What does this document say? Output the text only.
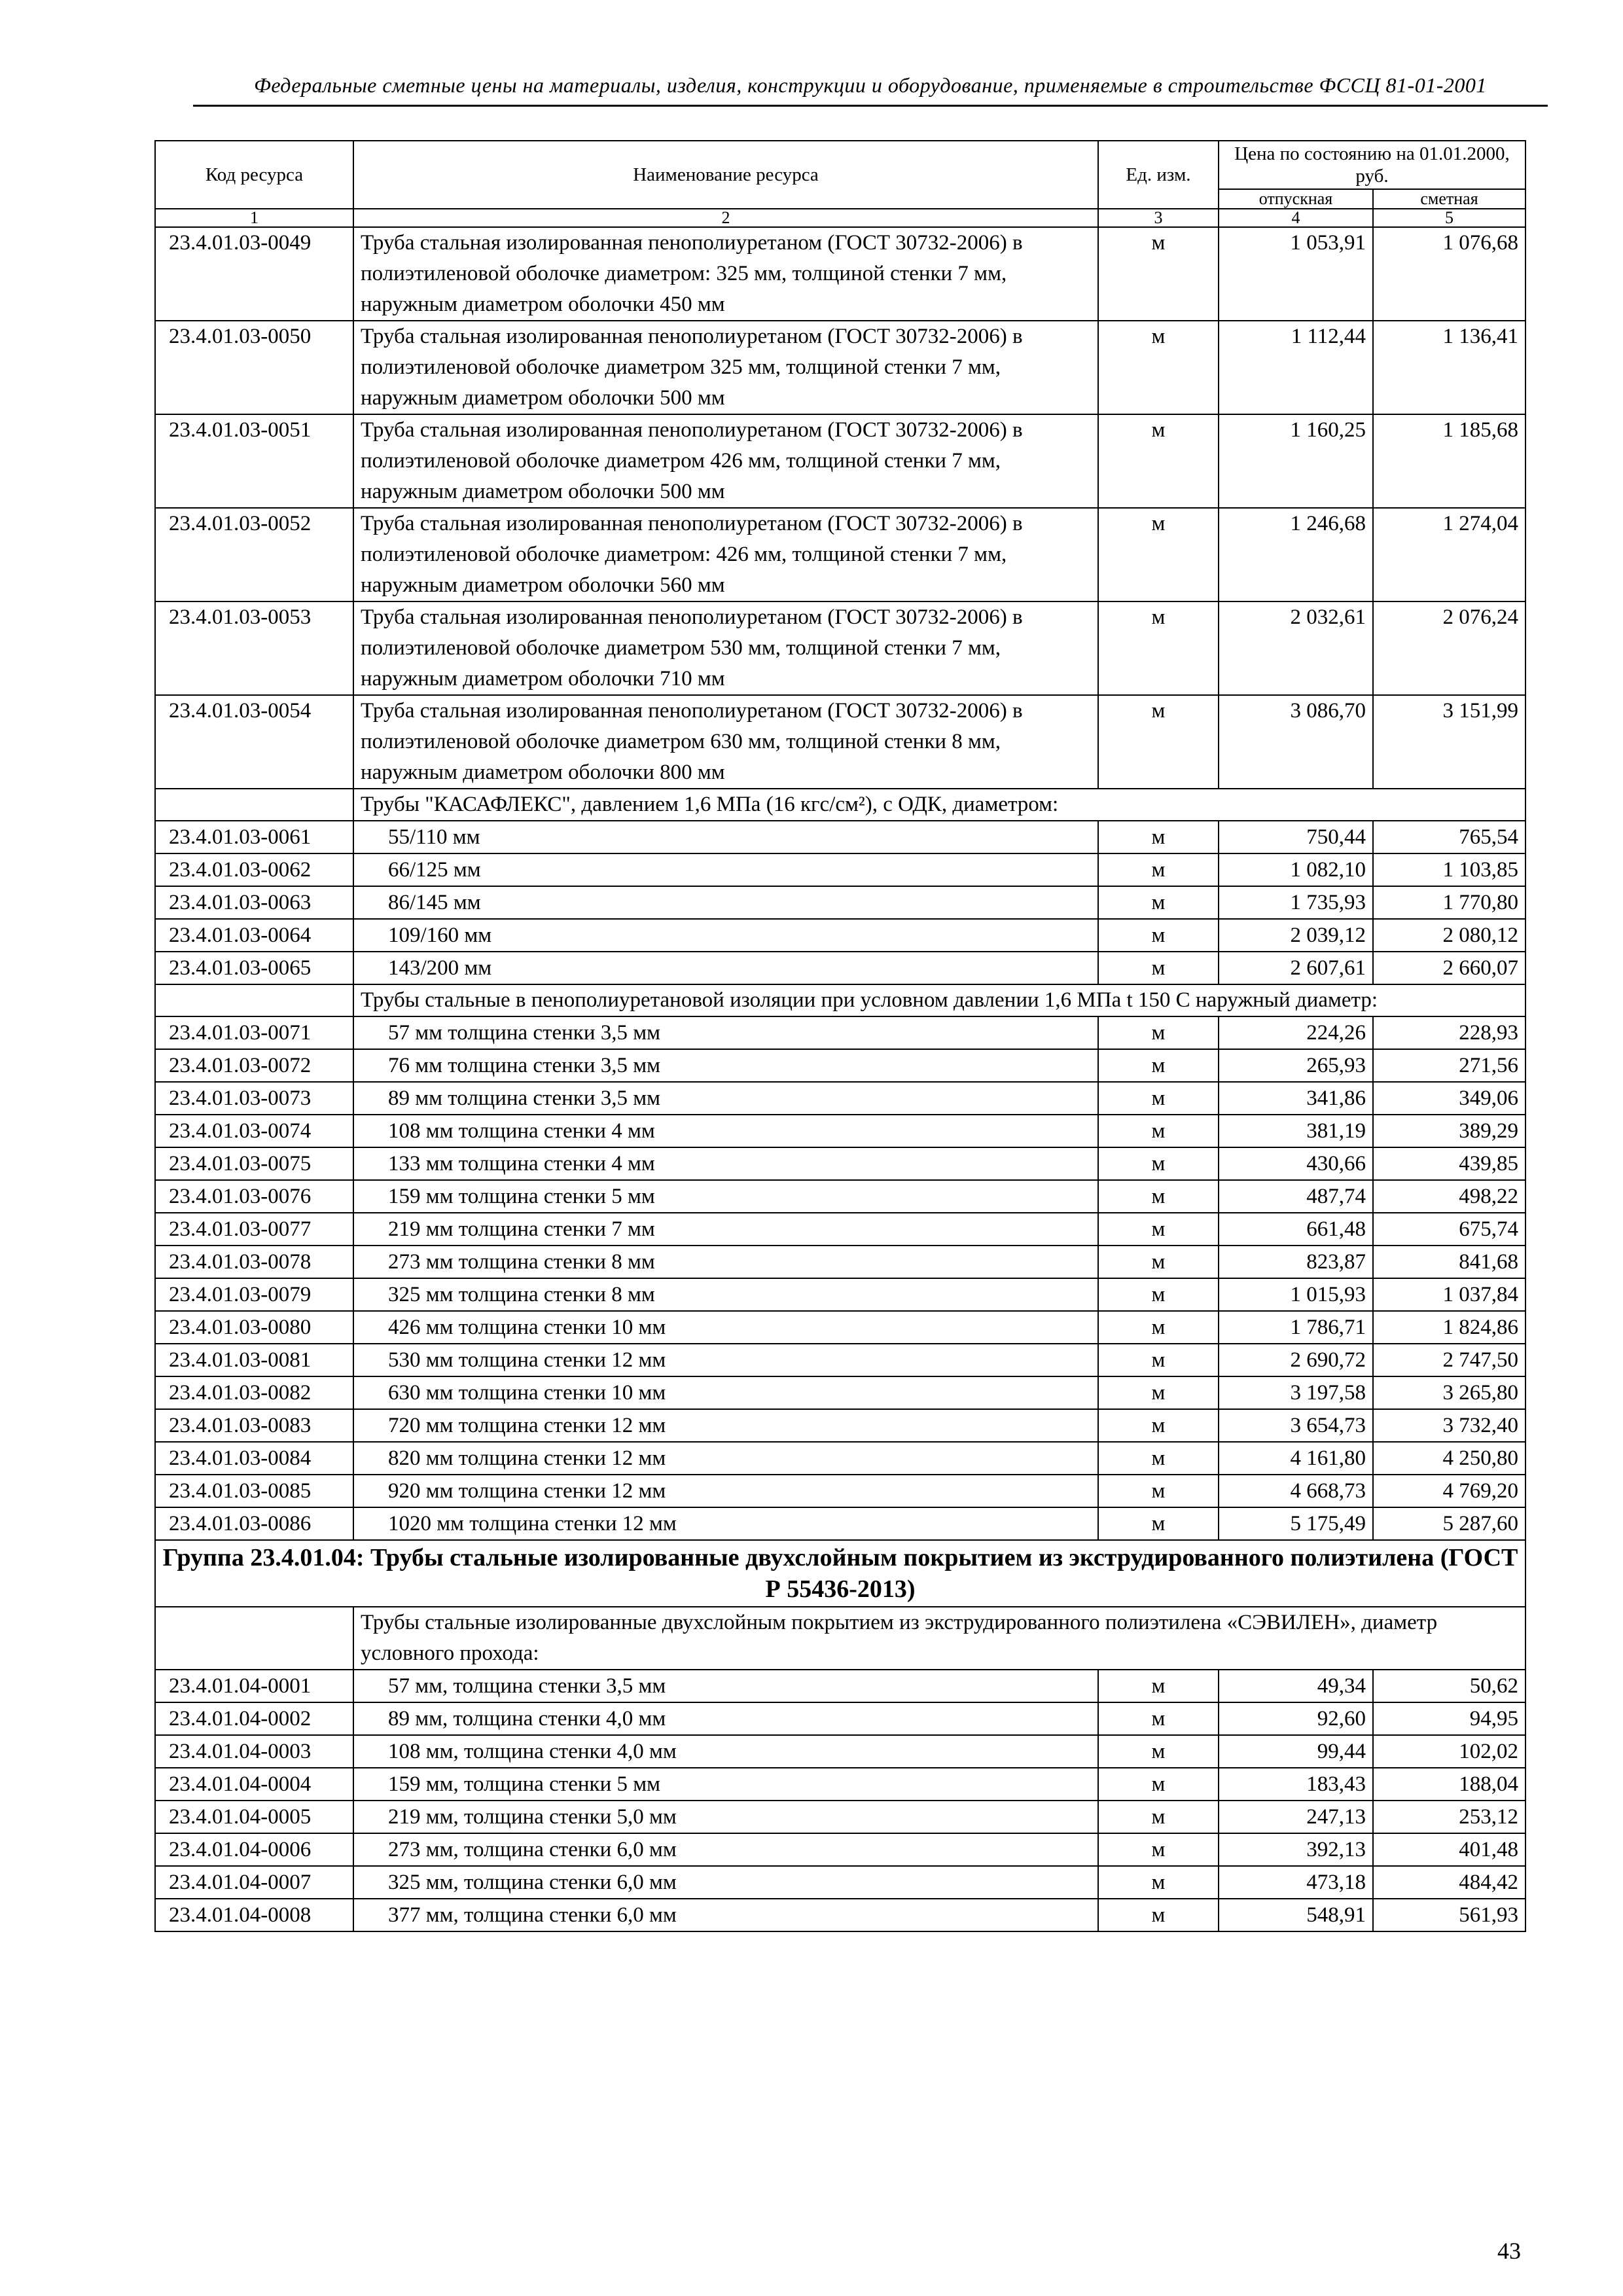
Федеральные сметные цены на материалы, изделия, конструкции и оборудование, применяемые в строительстве ФССЦ 81-01-2001
Код ресурса	Наименование ресурса	Ед. изм.	Цена по состоянию на 01.01.2000, руб.	
			отпускная	сметная
1	2	3	4	5
23.4.01.03-0049	Труба стальная изолированная пенополиуретаном (ГОСТ 30732-2006) в полиэтиленовой оболочке диаметром: 325 мм, толщиной стенки 7 мм, наружным диаметром оболочки 450 мм	м	1 053,91	1 076,68
23.4.01.03-0050	Труба стальная изолированная пенополиуретаном (ГОСТ 30732-2006) в полиэтиленовой оболочке диаметром 325 мм, толщиной стенки 7 мм, наружным диаметром оболочки 500 мм	м	1 112,44	1 136,41
23.4.01.03-0051	Труба стальная изолированная пенополиуретаном (ГОСТ 30732-2006) в полиэтиленовой оболочке диаметром 426 мм, толщиной стенки 7 мм, наружным диаметром оболочки 500 мм	м	1 160,25	1 185,68
23.4.01.03-0052	Труба стальная изолированная пенополиуретаном (ГОСТ 30732-2006) в полиэтиленовой оболочке диаметром: 426 мм, толщиной стенки 7 мм, наружным диаметром оболочки 560 мм	м	1 246,68	1 274,04
23.4.01.03-0053	Труба стальная изолированная пенополиуретаном (ГОСТ 30732-2006) в полиэтиленовой оболочке диаметром 530 мм, толщиной стенки 7 мм, наружным диаметром оболочки 710 мм	м	2 032,61	2 076,24
23.4.01.03-0054	Труба стальная изолированная пенополиуретаном (ГОСТ 30732-2006) в полиэтиленовой оболочке диаметром 630 мм, толщиной стенки 8 мм, наружным диаметром оболочки 800 мм	м	3 086,70	3 151,99
	Трубы "КАСАФЛЕКС", давлением 1,6 МПа (16 кгс/см²), с ОДК, диаметром:			
23.4.01.03-0061	55/110 мм	м	750,44	765,54
23.4.01.03-0062	66/125 мм	м	1 082,10	1 103,85
23.4.01.03-0063	86/145 мм	м	1 735,93	1 770,80
23.4.01.03-0064	109/160 мм	м	2 039,12	2 080,12
23.4.01.03-0065	143/200 мм	м	2 607,61	2 660,07
	Трубы стальные в пенополиуретановой изоляции при условном давлении 1,6 МПа t 150 С наружный диаметр:			
23.4.01.03-0071	57 мм толщина стенки 3,5 мм	м	224,26	228,93
23.4.01.03-0072	76 мм толщина стенки 3,5 мм	м	265,93	271,56
23.4.01.03-0073	89 мм толщина стенки 3,5 мм	м	341,86	349,06
23.4.01.03-0074	108 мм толщина стенки 4 мм	м	381,19	389,29
23.4.01.03-0075	133 мм толщина стенки 4 мм	м	430,66	439,85
23.4.01.03-0076	159 мм толщина стенки 5 мм	м	487,74	498,22
23.4.01.03-0077	219 мм толщина стенки 7 мм	м	661,48	675,74
23.4.01.03-0078	273 мм толщина стенки 8 мм	м	823,87	841,68
23.4.01.03-0079	325 мм толщина стенки 8 мм	м	1 015,93	1 037,84
23.4.01.03-0080	426 мм толщина стенки 10 мм	м	1 786,71	1 824,86
23.4.01.03-0081	530 мм толщина стенки 12 мм	м	2 690,72	2 747,50
23.4.01.03-0082	630 мм толщина стенки 10 мм	м	3 197,58	3 265,80
23.4.01.03-0083	720 мм толщина стенки 12 мм	м	3 654,73	3 732,40
23.4.01.03-0084	820 мм толщина стенки 12 мм	м	4 161,80	4 250,80
23.4.01.03-0085	920 мм толщина стенки 12 мм	м	4 668,73	4 769,20
23.4.01.03-0086	1020 мм толщина стенки 12 мм	м	5 175,49	5 287,60
Группа 23.4.01.04: Трубы стальные изолированные двухслойным покрытием из экструдированного полиэтилена (ГОСТ Р 55436-2013)				
	Трубы стальные изолированные двухслойным покрытием из экструдированного полиэтилена «СЭВИЛЕН», диаметр условного прохода:			
23.4.01.04-0001	57 мм, толщина стенки 3,5 мм	м	49,34	50,62
23.4.01.04-0002	89 мм, толщина стенки 4,0 мм	м	92,60	94,95
23.4.01.04-0003	108 мм, толщина стенки 4,0 мм	м	99,44	102,02
23.4.01.04-0004	159 мм, толщина стенки 5 мм	м	183,43	188,04
23.4.01.04-0005	219 мм, толщина стенки 5,0 мм	м	247,13	253,12
23.4.01.04-0006	273 мм, толщина стенки 6,0 мм	м	392,13	401,48
23.4.01.04-0007	325 мм, толщина стенки 6,0 мм	м	473,18	484,42
23.4.01.04-0008	377 мм, толщина стенки 6,0 мм	м	548,91	561,93
43
